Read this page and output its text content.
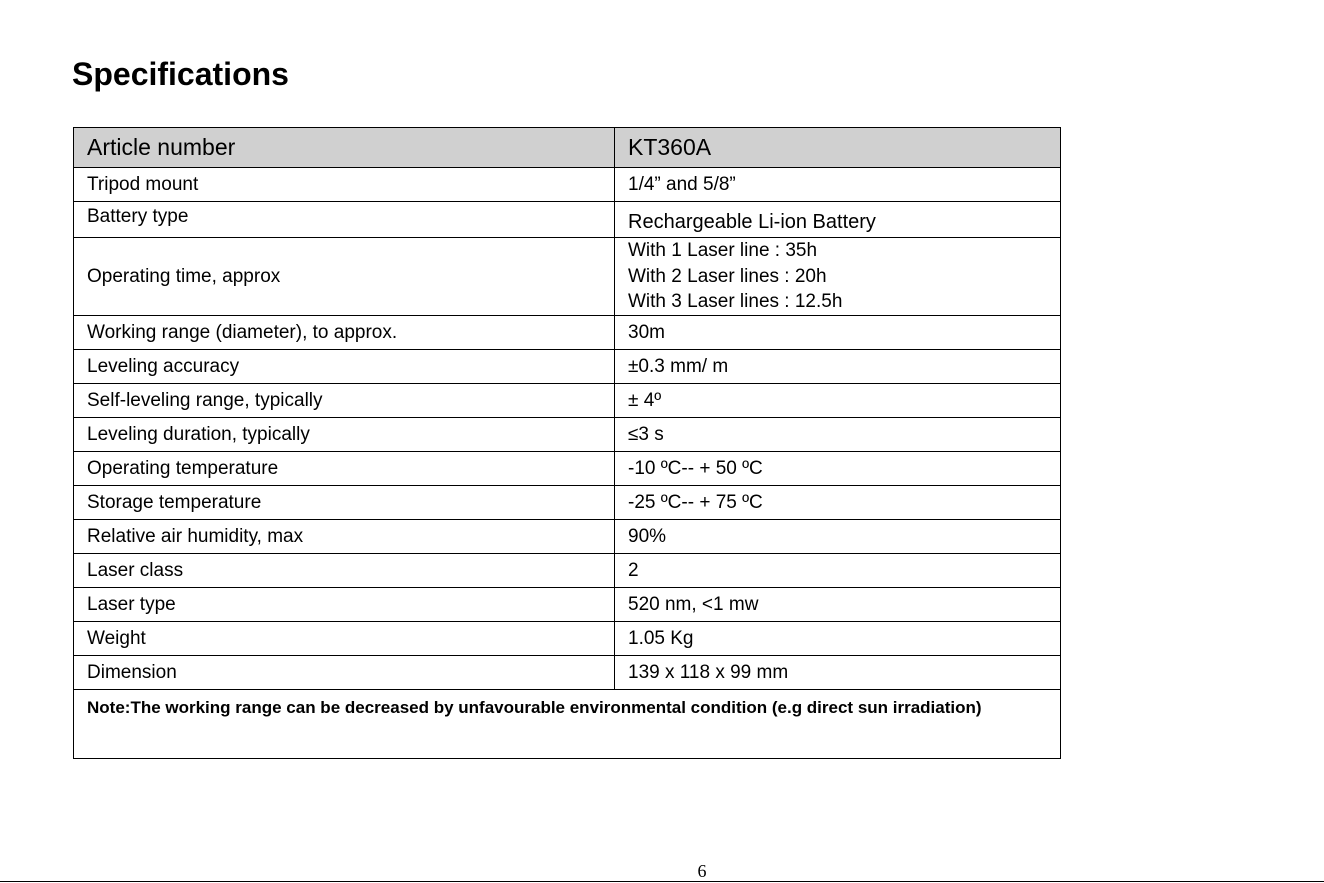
Specifications
Article number	KT360A
Tripod mount	1/4” and 5/8”
Battery type	Rechargeable Li-ion Battery
Operating time, approx	With 1 Laser line : 35h
With 2 Laser lines : 20h
With 3 Laser lines : 12.5h

Working range (diameter), to approx.	30m
Leveling accuracy	±0.3 mm/ m
Self-leveling range, typically	± 4º
Leveling duration, typically	≤3 s
Operating temperature	-10 ºC-- + 50 ºC
Storage temperature	-25 ºC-- + 75 ºC
Relative air humidity, max	90%
Laser class	2
Laser type	520 nm, <1 mw
Weight	1.05 Kg
Dimension	139 x 118 x 99 mm
Note:The working range can be decreased by unfavourable environmental condition (e.g direct sun irradiation)	
6
